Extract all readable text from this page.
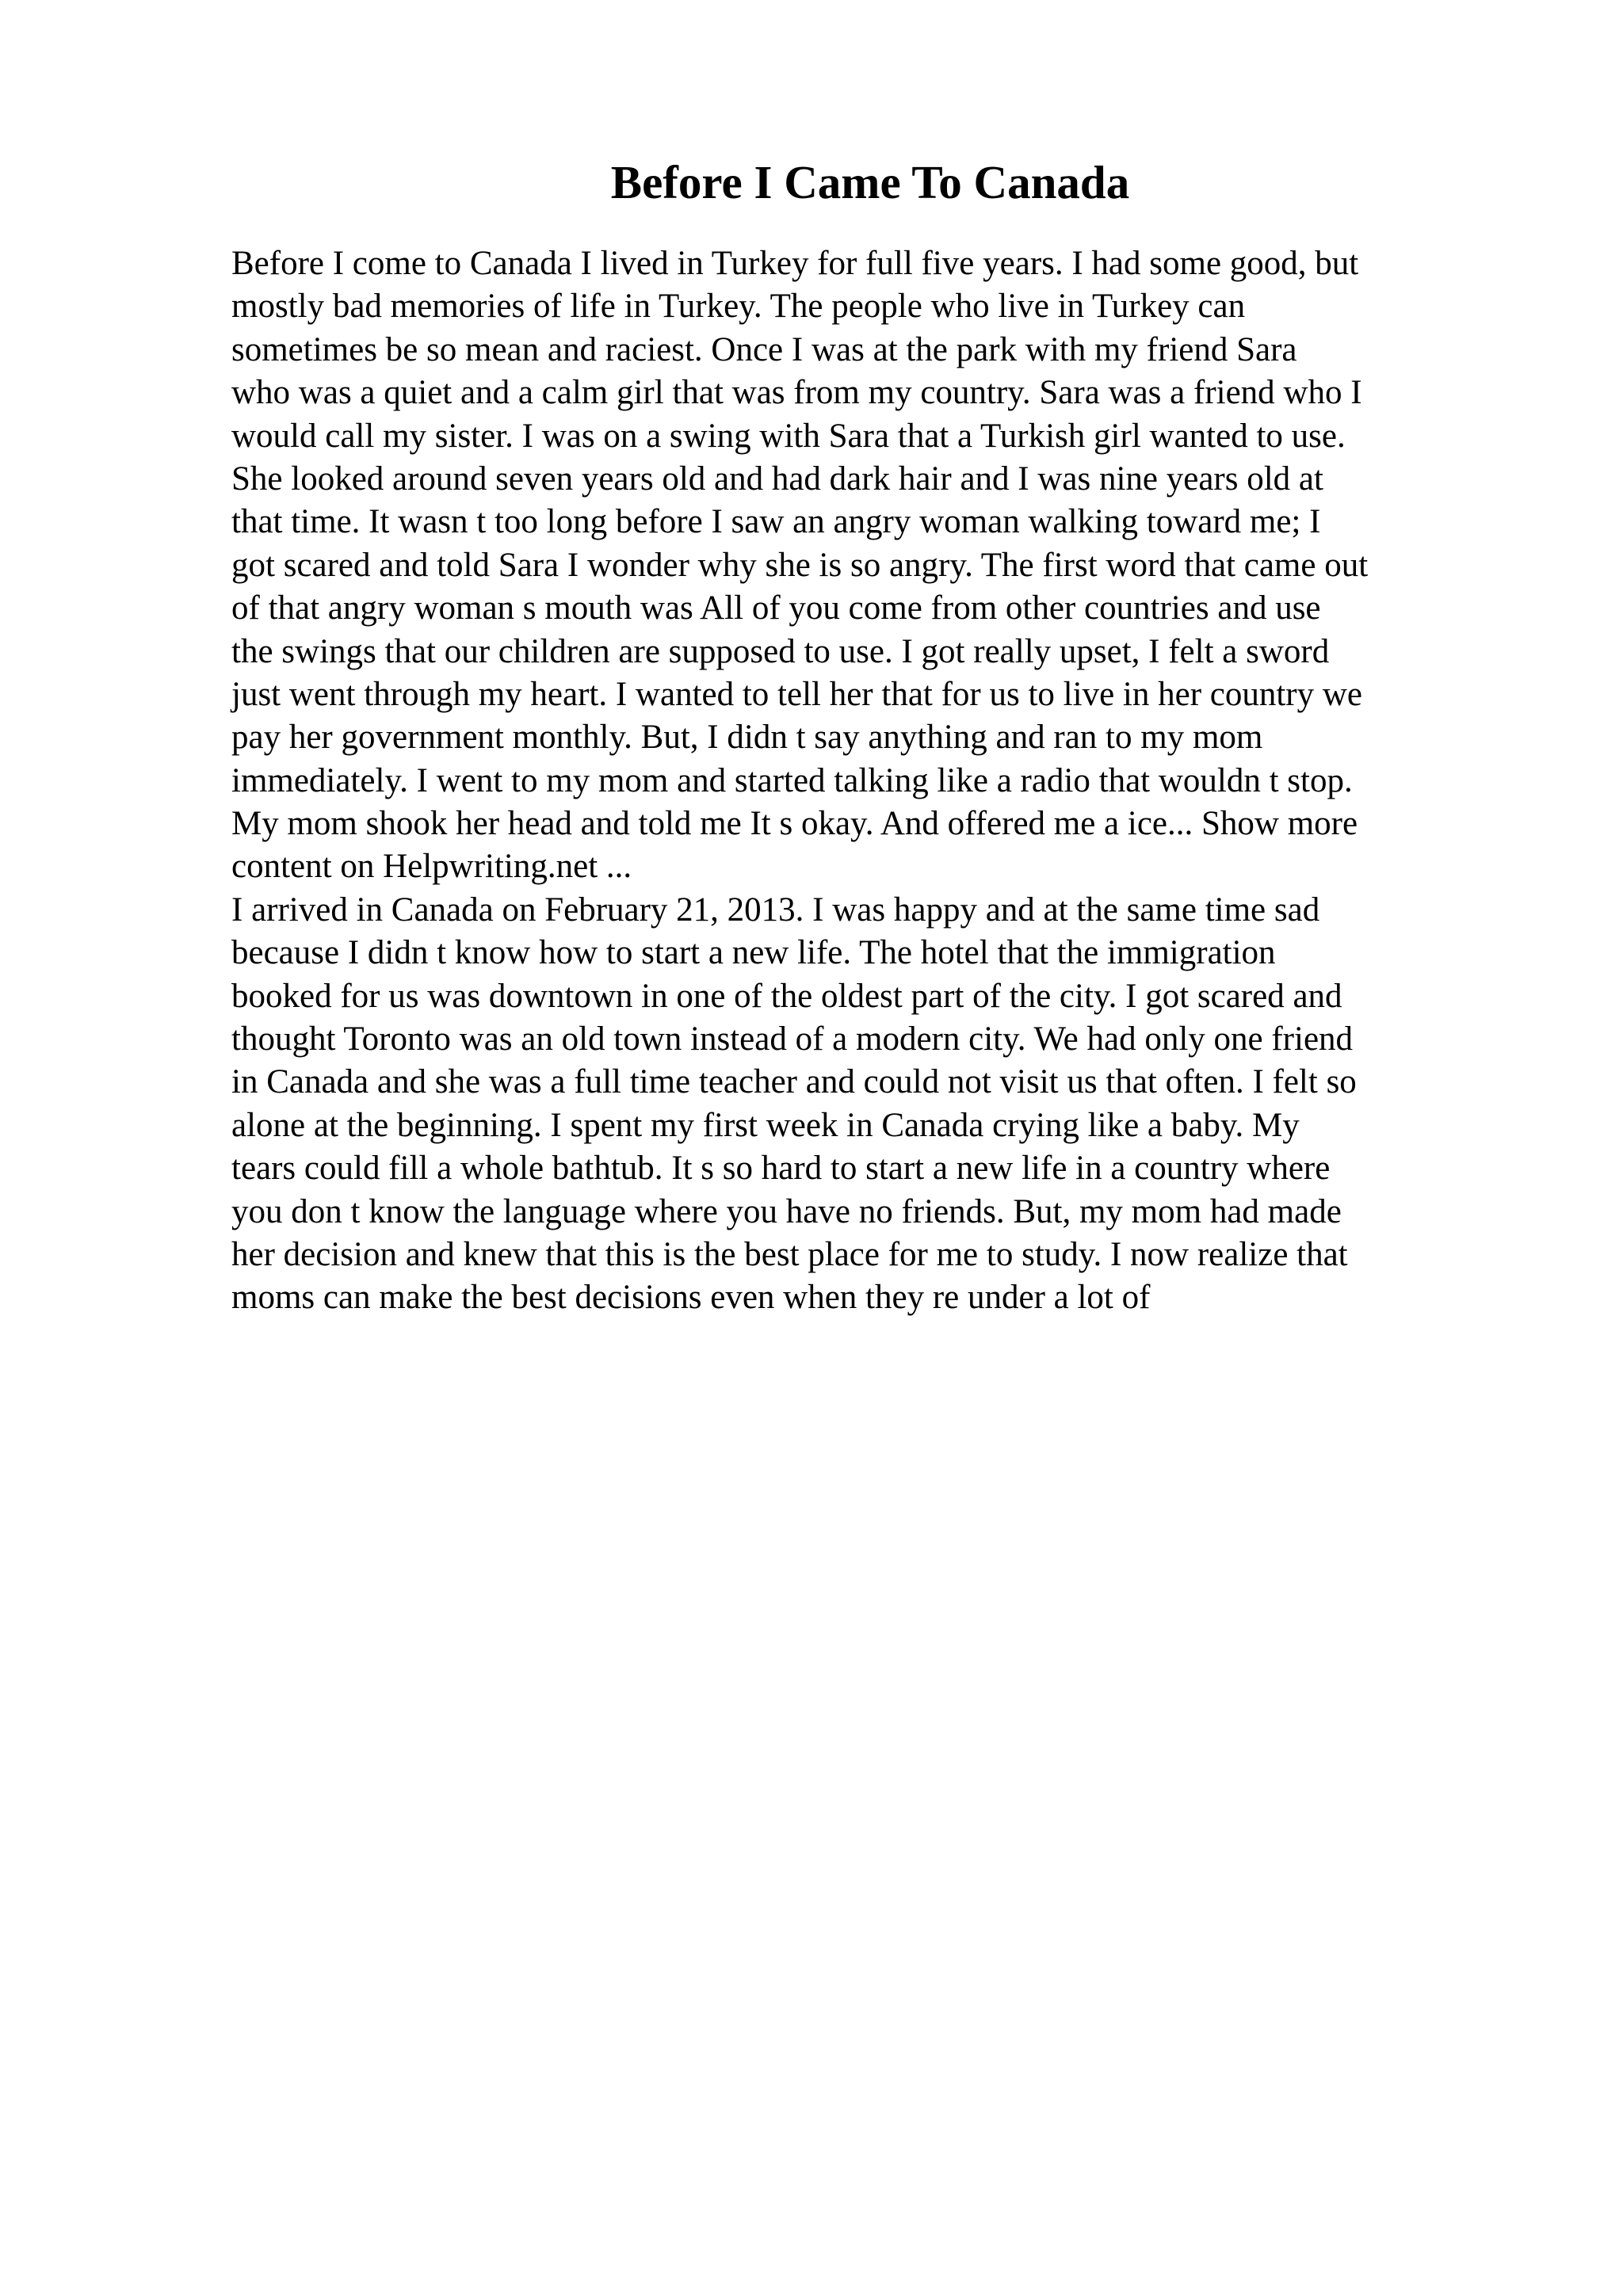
Before I Came To Canada
Before I come to Canada I lived in Turkey for full five years. I had some good, but
mostly bad memories of life in Turkey. The people who live in Turkey can
sometimes be so mean and raciest. Once I was at the park with my friend Sara
who was a quiet and a calm girl that was from my country. Sara was a friend who I
would call my sister. I was on a swing with Sara that a Turkish girl wanted to use.
She looked around seven years old and had dark hair and I was nine years old at
that time. It wasn t too long before I saw an angry woman walking toward me; I
got scared and told Sara I wonder why she is so angry. The first word that came out
of that angry woman s mouth was All of you come from other countries and use
the swings that our children are supposed to use. I got really upset, I felt a sword
just went through my heart. I wanted to tell her that for us to live in her country we
pay her government monthly. But, I didn t say anything and ran to my mom
immediately. I went to my mom and started talking like a radio that wouldn t stop.
My mom shook her head and told me It s okay. And offered me a ice... Show more
content on Helpwriting.net ...
I arrived in Canada on February 21, 2013. I was happy and at the same time sad
because I didn t know how to start a new life. The hotel that the immigration
booked for us was downtown in one of the oldest part of the city. I got scared and
thought Toronto was an old town instead of a modern city. We had only one friend
in Canada and she was a full time teacher and could not visit us that often. I felt so
alone at the beginning. I spent my first week in Canada crying like a baby. My
tears could fill a whole bathtub. It s so hard to start a new life in a country where
you don t know the language where you have no friends. But, my mom had made
her decision and knew that this is the best place for me to study. I now realize that
moms can make the best decisions even when they re under a lot of
